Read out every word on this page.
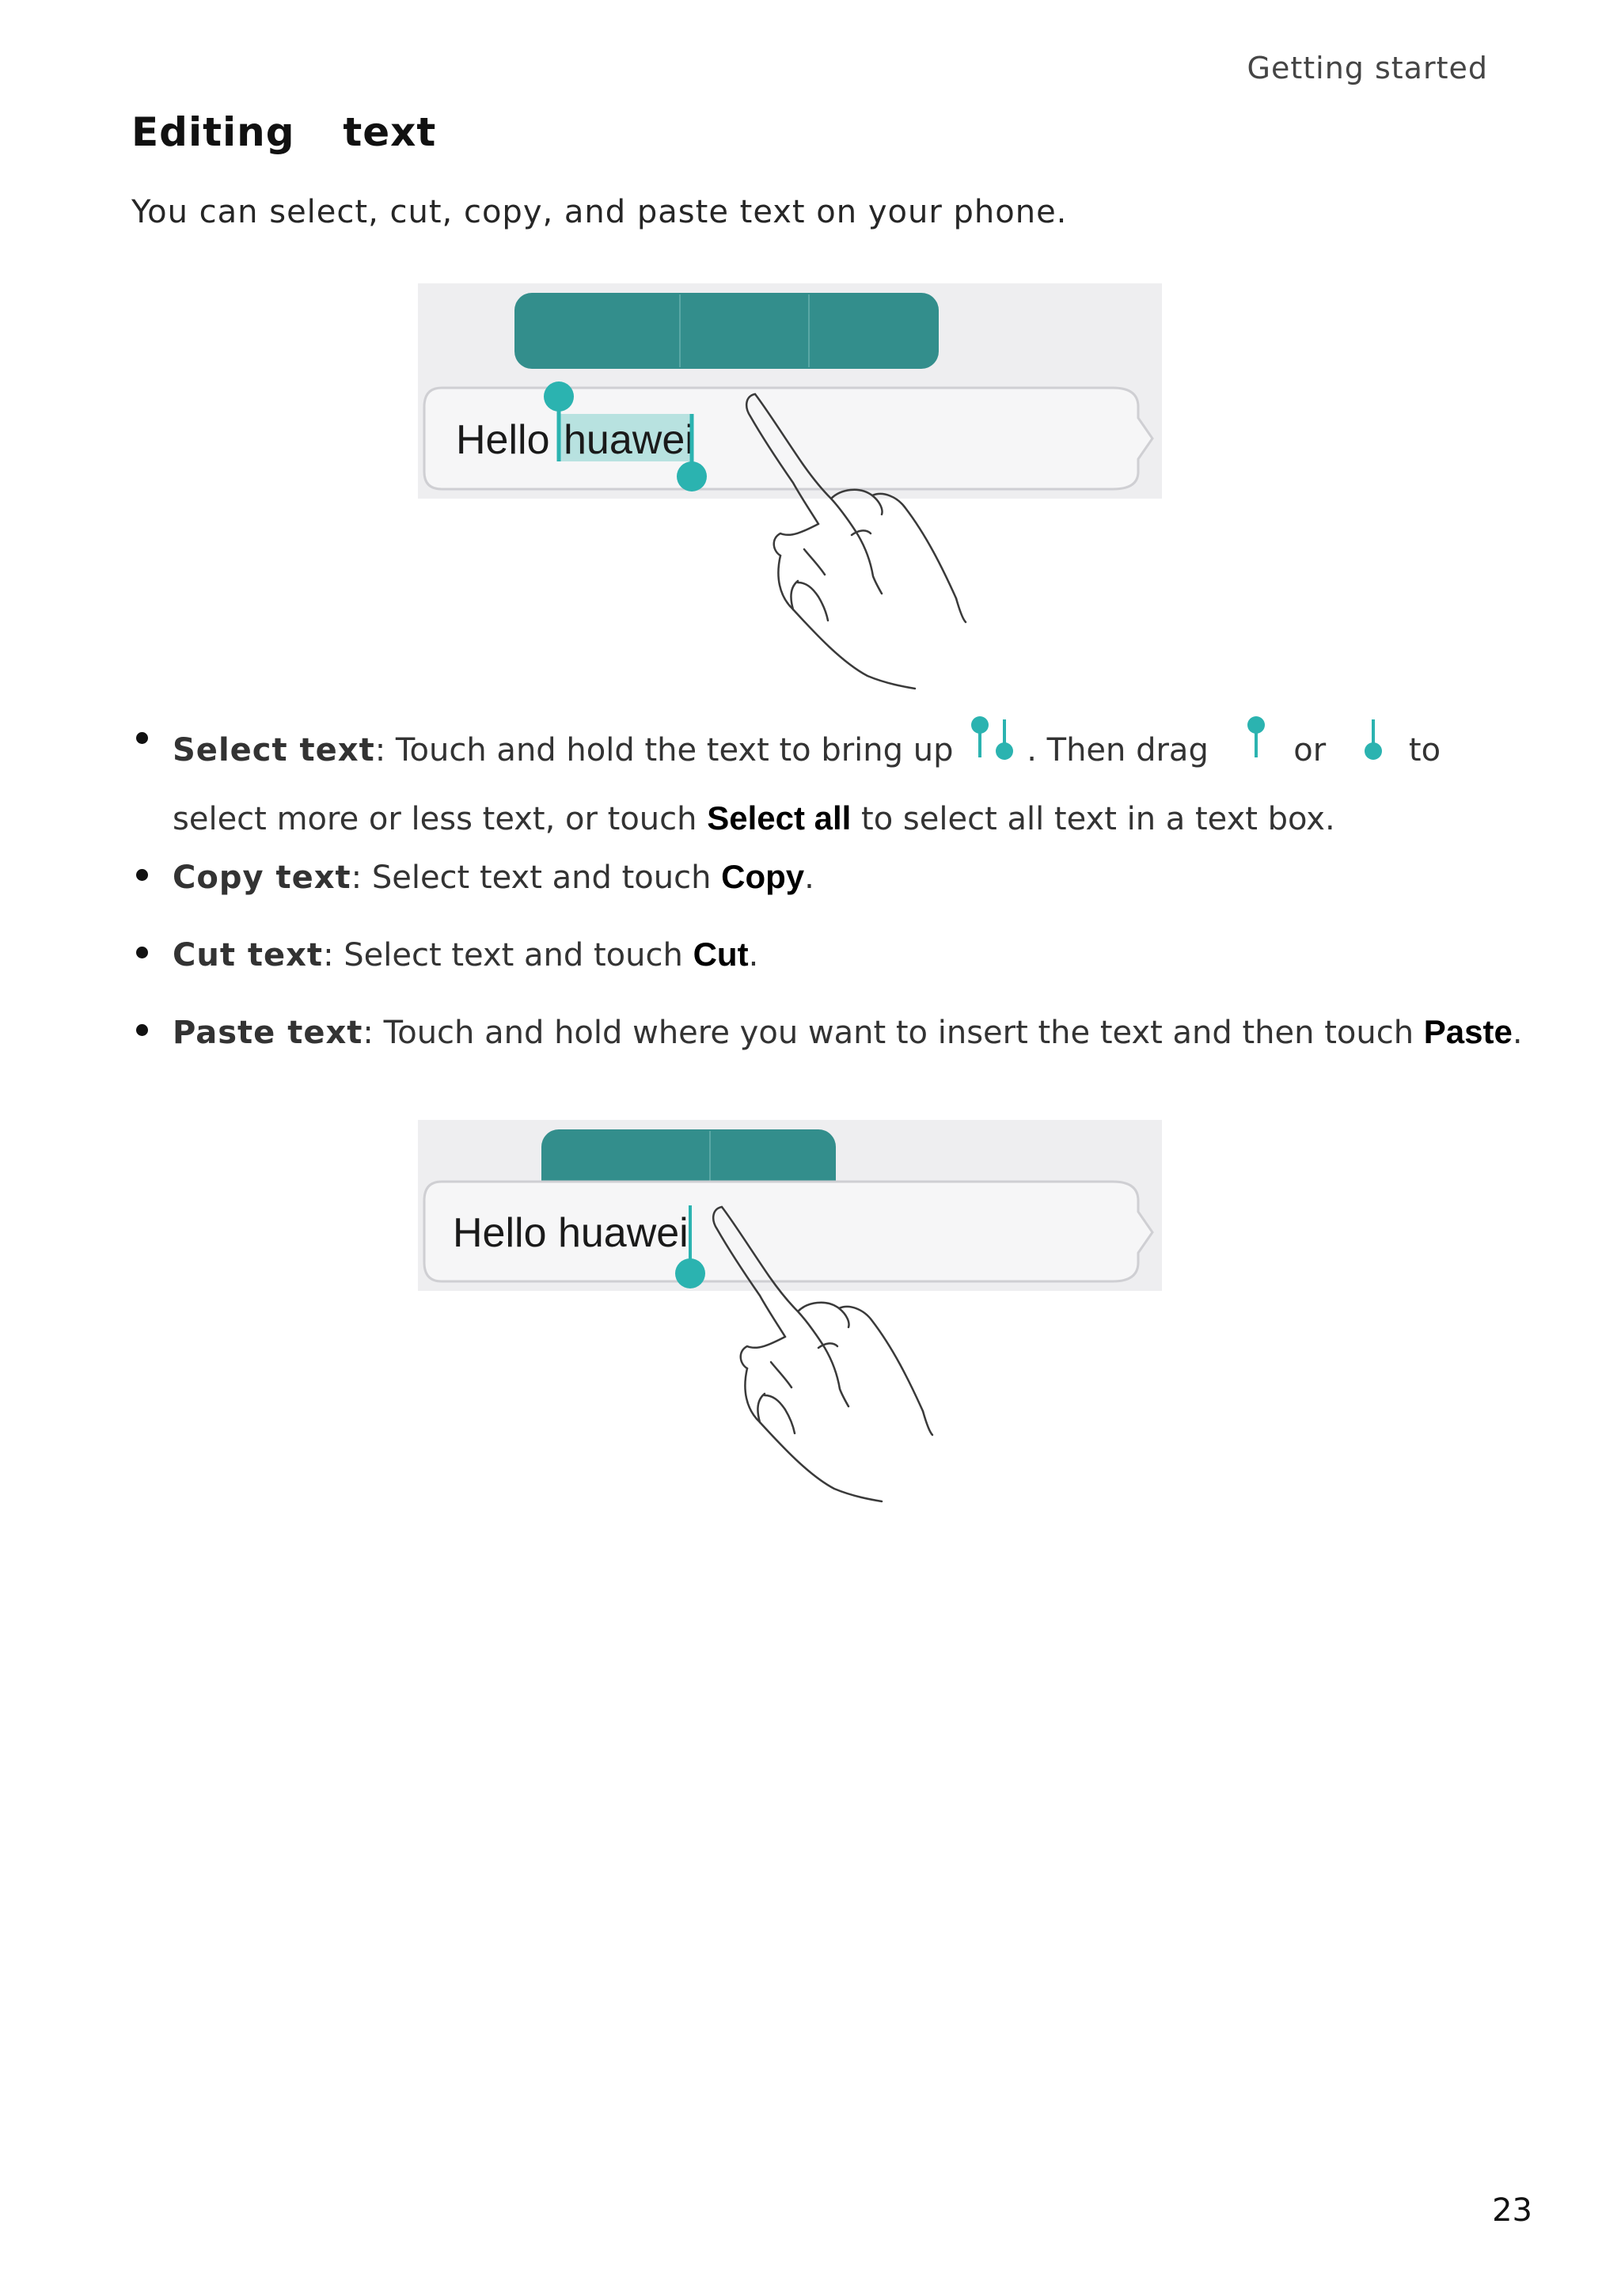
Getting started
Editing  text

You can select, cut, copy, and paste text on your phone.

Hello huawei
Select text: Touch and hold the text to bring up . Then drag	or	to select more or less text, or touch Select all to select all text in a text box.
Copy text: Select text and touch Copy.
Cut text: Select text and touch Cut.
Paste text: Touch and hold where you want to insert the text and then touch Paste.
Hello huawei
23
